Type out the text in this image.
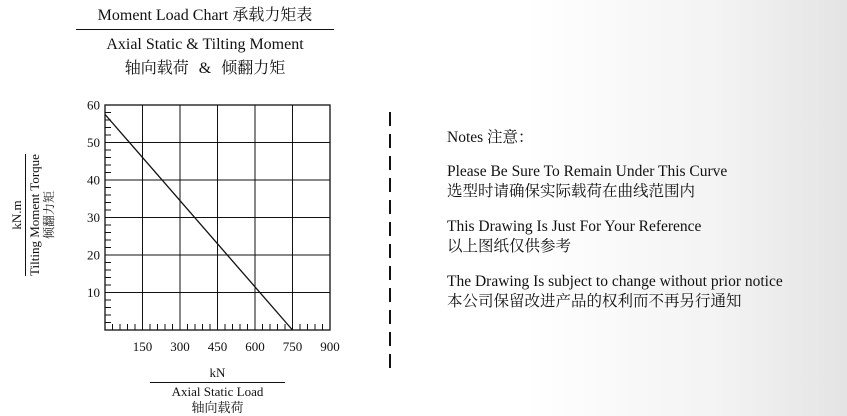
Moment Load Chart 承载力矩表
Axial Static & Tilting Moment
轴向载荷 & 倾翻力矩
150 300 450 600 750 900
10
20
30
40
50
60
kN.m Tilting Moment Torque 倾翻力矩
kN
Axial Static Load
轴向载荷
Notes 注意：
Please Be Sure To Remain Under This Curve
选型时请确保实际载荷在曲线范围内
This Drawing Is Just For Your Reference
以上图纸仅供参考
The Drawing Is subject to change without prior notice
本公司保留改进产品的权利而不再另行通知
